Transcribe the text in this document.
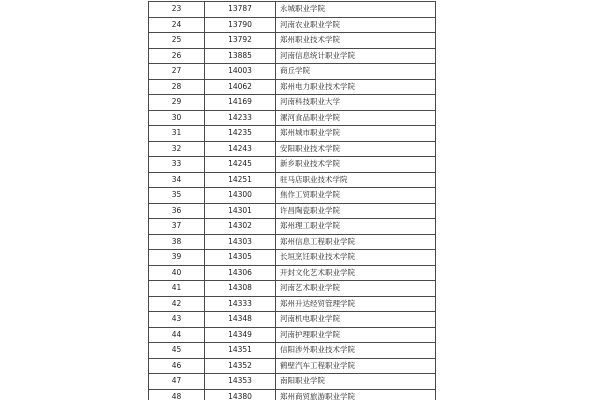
23	13787	永城职业学院
24	13790	河南农业职业学院
25	13792	郑州职业技术学院
26	13885	河南信息统计职业学院
27	14003	商丘学院
28	14062	郑州电力职业技术学院
29	14169	河南科技职业大学
30	14233	漯河食品职业学院
31	14235	郑州城市职业学院
32	14243	安阳职业技术学院
33	14245	新乡职业技术学院
34	14251	驻马店职业技术学院
35	14300	焦作工贸职业学院
36	14301	许昌陶瓷职业学院
37	14302	郑州理工职业学院
38	14303	郑州信息工程职业学院
39	14305	长垣烹饪职业技术学院
40	14306	开封文化艺术职业学院
41	14308	河南艺术职业学院
42	14333	郑州升达经贸管理学院
43	14348	河南机电职业学院
44	14349	河南护理职业学院
45	14351	信阳涉外职业技术学院
46	14352	鹤壁汽车工程职业学院
47	14353	南阳职业学院
48	14380	郑州商贸旅游职业学院
